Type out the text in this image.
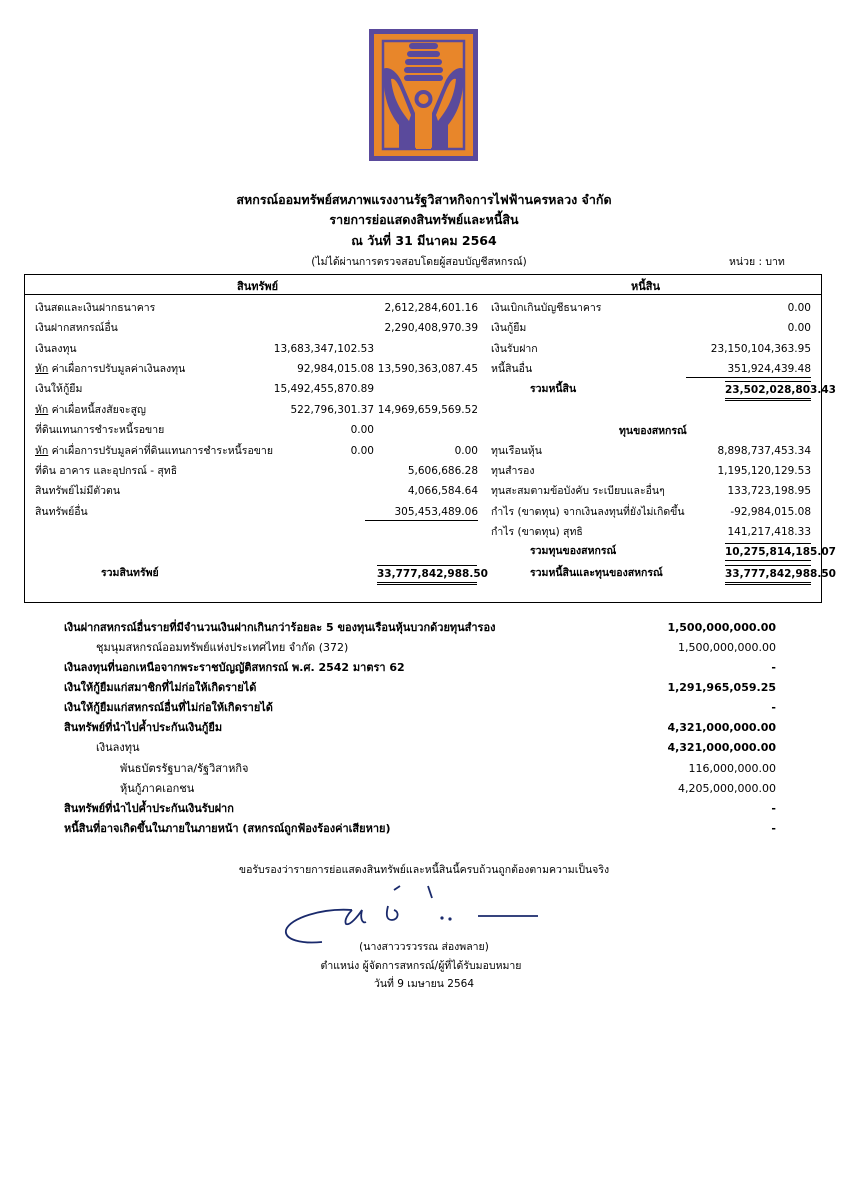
สหกรณ์ออมทรัพย์สหภาพแรงงานรัฐวิสาหกิจการไฟฟ้านครหลวง จำกัด
รายการย่อแสดงสินทรัพย์และหนี้สิน
ณ วันที่ 31 มีนาคม 2564
(ไม่ได้ผ่านการตรวจสอบโดยผู้สอบบัญชีสหกรณ์)	หน่วย : บาท
สินทรัพย์	หนี้สิน
เงินสดและเงินฝากธนาคาร	2,612,284,601.16
เงินฝากสหกรณ์อื่น	2,290,408,970.39
เงินลงทุน	13,683,347,102.53
หัก ค่าเผื่อการปรับมูลค่าเงินลงทุน	92,984,015.08 13,590,363,087.45
เงินให้กู้ยืม	15,492,455,870.89
หัก ค่าเผื่อหนี้สงสัยจะสูญ	522,796,301.37 14,969,659,569.52
ที่ดินแทนการชำระหนี้รอขาย	0.00
หัก ค่าเผื่อการปรับมูลค่าที่ดินแทนการชำระหนี้รอขาย	0.00	0.00
ที่ดิน อาคาร และอุปกรณ์ - สุทธิ	5,606,686.28
สินทรัพย์ไม่มีตัวตน	4,066,584.64
สินทรัพย์อื่น	305,453,489.06
รวมสินทรัพย์	33,777,842,988.50
เงินเบิกเกินบัญชีธนาคาร	0.00
เงินกู้ยืม	0.00
เงินรับฝาก	23,150,104,363.95
หนี้สินอื่น	351,924,439.48
รวมหนี้สิน	23,502,028,803.43
ทุนของสหกรณ์
ทุนเรือนหุ้น	8,898,737,453.34
ทุนสำรอง	1,195,120,129.53
ทุนสะสมตามข้อบังคับ ระเบียบและอื่นๆ	133,723,198.95
กำไร (ขาดทุน) จากเงินลงทุนที่ยังไม่เกิดขึ้น	-92,984,015.08
กำไร (ขาดทุน) สุทธิ	141,217,418.33
รวมทุนของสหกรณ์	10,275,814,185.07
รวมหนี้สินและทุนของสหกรณ์	33,777,842,988.50
เงินฝากสหกรณ์อื่นรายที่มีจำนวนเงินฝากเกินกว่าร้อยละ 5 ของทุนเรือนหุ้นบวกด้วยทุนสำรอง	1,500,000,000.00
ชุมนุมสหกรณ์ออมทรัพย์แห่งประเทศไทย จำกัด (372)	1,500,000,000.00
เงินลงทุนที่นอกเหนือจากพระราชบัญญัติสหกรณ์ พ.ศ. 2542 มาตรา 62	-
เงินให้กู้ยืมแก่สมาชิกที่ไม่ก่อให้เกิดรายได้	1,291,965,059.25
เงินให้กู้ยืมแก่สหกรณ์อื่นที่ไม่ก่อให้เกิดรายได้	-
สินทรัพย์ที่นำไปค้ำประกันเงินกู้ยืม	4,321,000,000.00
เงินลงทุน	4,321,000,000.00
พันธบัตรรัฐบาล/รัฐวิสาหกิจ	116,000,000.00
หุ้นกู้ภาคเอกชน	4,205,000,000.00
สินทรัพย์ที่นำไปค้ำประกันเงินรับฝาก	-
หนี้สินที่อาจเกิดขึ้นในภายในภายหน้า (สหกรณ์ถูกฟ้องร้องค่าเสียหาย)	-
ขอรับรองว่ารายการย่อแสดงสินทรัพย์และหนี้สินนี้ครบถ้วนถูกต้องตามความเป็นจริง
(นางสาววรวรรณ ส่องพลาย)
ตำแหน่ง ผู้จัดการสหกรณ์/ผู้ที่ได้รับมอบหมาย
วันที่ 9 เมษายน 2564
